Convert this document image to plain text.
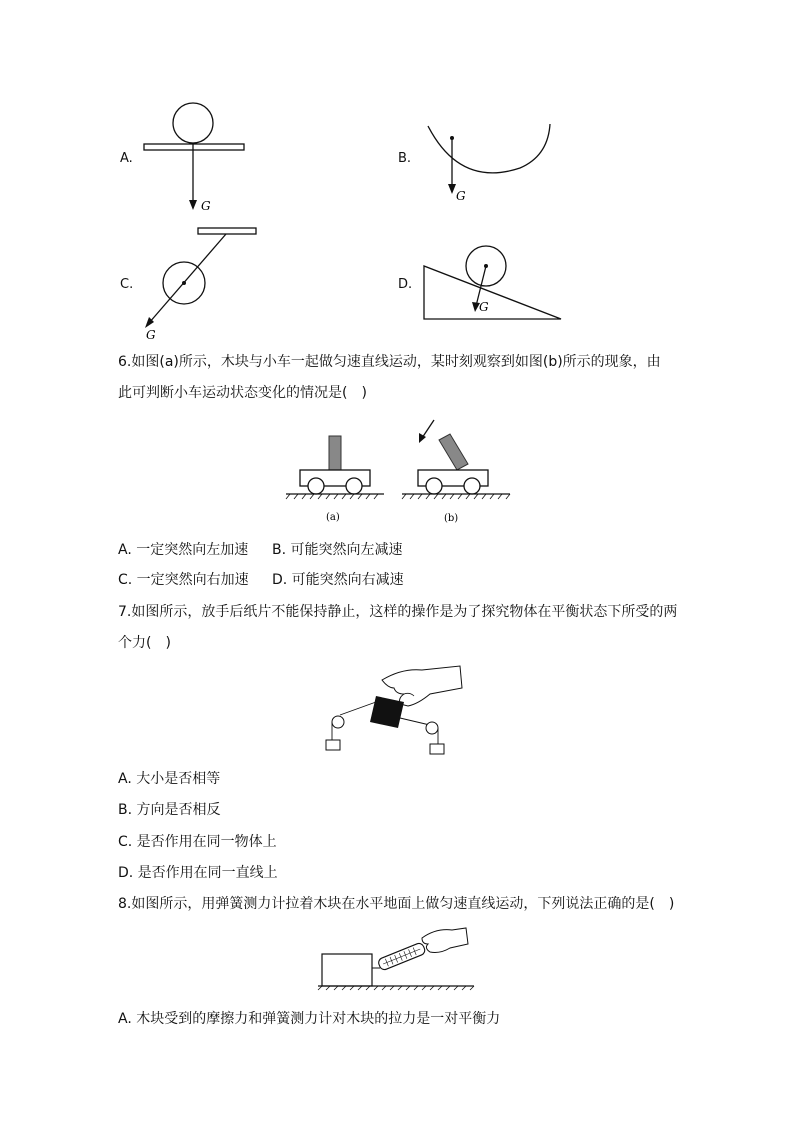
A.
G
B.
G
C.
G
D.
G
6.如图(a)所示，木块与小车一起做匀速直线运动，某时刻观察到如图(b)所示的现象，由
此可判断小车运动状态变化的情况是(　)
(a)	(b)
A. 一定突然向左加速 B. 可能突然向左减速
C. 一定突然向右加速 D. 可能突然向右减速
7.如图所示，放手后纸片不能保持静止，这样的操作是为了探究物体在平衡状态下所受的两
个力(　)
A. 大小是否相等
B. 方向是否相反
C. 是否作用在同一物体上
D. 是否作用在同一直线上
8.如图所示，用弹簧测力计拉着木块在水平地面上做匀速直线运动，下列说法正确的是(　)
A. 木块受到的摩擦力和弹簧测力计对木块的拉力是一对平衡力
